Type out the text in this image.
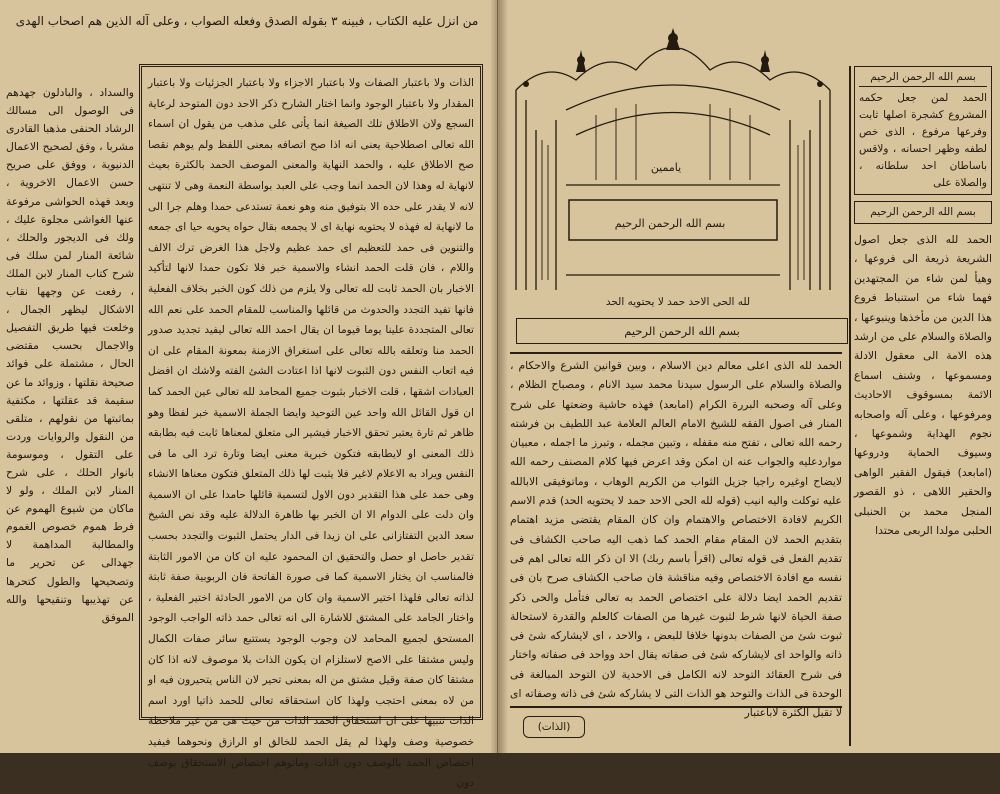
من انزل عليه الكتاب ، فبينه ٣ بقوله الصدق وفعله الصواب ، وعلى آله الذين هم اصحاب الهدى
والسداد ، والبادلون جهدهم فى الوصول الى مسالك الرشاد الحنفى مذهبا القادرى مشربا ، وفق لصحيح الاعمال الدنيوية ، ووفق على صريح حسن الاعمال الاخروية ، وبعد فهذه الحواشى مرفوعة عنها الغواشى مجلوة عليك ، ولك فى الديجور والحلك ، شائعة المنار لمن سلك فى شرح كتاب المنار لابن الملك ، رفعت عن وجهها نقاب الاشكال ليظهر الجمال ، وخلعت فيها طريق التفصيل والاجمال بحسب مقتضى الحال ، مشتملة على فوائد صحيحة نقلتها ، وزوائد ما عن سقيمة قد عقلتها ، مكتفية بماثبتها من نقولهم ، متلقى من النقول والروايات وردت على التقول ، وموسومة بانوار الحلك ، على شرح المنار لابن الملك ، ولو لا ماكان من شيوع الهموم عن فرط هموم خصوص الغموم والمطالبة المداهمة لا جهدالى عن تحرير ما وتصحيحها والطول كتحرها عن تهذيبها وتنقيحها والله الموفق
الذات ولا باعتبار الصفات ولا باعتبار الاجزاء ولا باعتبار الجزئيات ولا باعتبار المقدار ولا باعتبار الوجود وانما اختار الشارح ذكر الاحد دون المتوحد لرعاية السجع ولان الاطلاق تلك الصيغة انما يأتى على مذهب من يقول ان اسماء الله تعالى اصطلاحية يعنى انه اذا صح اتصافه بمعنى اللفظ ولم يوهم نقصا صح الاطلاق عليه ، والحمد النهاية والمعنى الموصف الحمد بالكثرة بعيث لانهاية له وهذا لان الحمد انما وجب على العبد بواسطة النعمة وهى لا تنتهى لانه لا يقدر على حده الا بتوفيق منه وهو نعمة تستدعى حمدا وهلم جرا الى ما لانهاية له فهذه لا يحتويه نهاية اى لا يجمعه بقال حواه يحويه حيا اى جمعه والتنوين فى حمد للتعظيم اى حمد عظيم ولاجل هذا الغرض ترك الالف واللام ، فان قلت الحمد انشاء والاسمية خبر فلا تكون حمدا لانها لتأكيد الاخبار بان الحمد ثابت لله تعالى ولا يلزم من ذلك كون الخبر بخلاف الفعلية فانها تفيد التجدد والحدوث من قائلها والمناسب للمقام الحمد على نعم الله تعالى المتجددة علينا يوما فيوما ان يقال احمد الله تعالى ليفيد تجديد صدور الحمد منا وتعلقه بالله تعالى على استغراق الازمنة بمعونة المقام على ان فيه اتعاب النفس دون الثبوت لانها اذا اعتادت الشئ الفته ولاشك ان افضل العبادات اشقها ، قلت الاخبار بثبوت جميع المحامد لله تعالى عين الحمد كما ان قول القائل الله واحد عين التوحيد وايضا الجملة الاسمية خبر لفظا وهو ظاهر ثم تارة يعتبر تحقق الاخبار فيشير الى متعلق لمعناها ثابت فيه بطابقه ذلك المعنى او لايطابقه فتكون خبرية معنى ايضا وتارة ترد الى ما فى النفس ويراد به الاعلام لاغير فلا يثبت لها ذلك المتعلق فتكون معناها الانشاء وهى حمد على هذا التقدير دون الاول لتسمية قائلها حامدا على ان الاسمية وان دلت على الدوام الا ان الخبر بها ظاهرة الدلالة عليه وقد نص الشيخ سعد الدين التفتازانى على ان زيدا فى الدار يحتمل الثبوت والتجدد بحسب تقدير حاصل او حصل والتحقيق ان المحمود عليه ان كان من الامور الثابتة فالمناسب ان يختار الاسمية كما فى صورة الفاتحة فان الربوبية صفة ثابتة لذاته تعالى فلهذا اختير الاسمية وان كان من الامور الحادثة اختير الفعلية ، واختار الجامد على المشتق للاشارة الى انه تعالى حمد ذاته الواجب الوجود المستحق لجميع المحامد لان وجوب الوجود يستتبع سائر صفات الكمال وليس مشتقا على الاصح لاستلزام ان يكون الذات بلا موصوف لانه اذا كان مشتقا كان صفة وقيل مشتق من اله بمعنى تحير لان الناس يتحيرون فيه او من لاه بمعنى احتجب ولهذا كان استحقاقه تعالى للحمد ذاتيا اورد اسم الذات تنبيها على ان استحقاق الحمد الذات من حيث هى من غير ملاحظة خصوصية وصف ولهذا لم يقل الحمد للخالق او الرازق ونحوهما فيفيد اختصاص الحمد بالوصف دون الذات وماتوهم اختصاص الاستحقاق بوصف دون
ياممين
بسم الله الرحمن الرحيم
لله الحى الاحد حمد لا يحتويه الحد
بسم الله الرحمن الرحيم
الحمد لله الذى اعلى معالم دين الاسلام ، وبين قوانين الشرع والاحكام ، والصلاة والسلام على الرسول سيدنا محمد سيد الانام ، ومصباح الظلام ، وعلى آله وصحبه البررة الكرام (امابعد) فهذه حاشية وضعتها على شرح المنار فى اصول الفقه للشيخ الامام العالم العلامة عبد اللطيف بن فرشته رحمه الله تعالى ، تفتح منه مقفله ، وتبين مجمله ، وتبرز ما اجمله ، معبيان مواردعليه والجواب عنه ان امكن وقد اعرض فيها كلام المصنف رحمه الله لايضاح اوغيره راجيا جزيل الثواب من الكريم الوهاب ، وماتوفيقى الابالله عليه توكلت واليه انيب (قوله لله الحى الاحد حمد لا يحتويه الحد) قدم الاسم الكريم لافادة الاختصاص والاهتمام وان كان المقام يقتضى مزيد اهتمام بتقديم الحمد لان المقام مقام الحمد كما ذهب اليه صاحب الكشاف فى تقديم الفعل فى قوله تعالى (اقرأ باسم ربك) الا ان ذكر الله تعالى اهم فى نفسه مع افادة الاختصاص وفيه مناقشة فان صاحب الكشاف صرح بان فى تقديم الحمد ايضا دلالة على اختصاص الحمد به تعالى فتأمل والحى ذكر صفة الحياة لانها شرط لثبوت غيرها من الصفات كالعلم والقدرة لاستحالة ثبوت شئ من الصفات بدونها خلافا للبعض ، والاحد ، اى لايشاركه شئ فى ذاته والواحد اى لايشاركه شئ فى صفاته يقال احد وواحد فى صفاته واختار فى شرح العقائد التوحد لانه الكامل فى الاحدية لان التوحد المبالغة فى الوحدة فى الذات والتوحد هو الذات التى لا يشاركه شئ فى ذاته وصفاته اى لا تقبل الكثرة لاباعتبار
(الذات)
بسم الله الرحمن الرحيم
الحمد لمن جعل حكمه المشروع كشجرة اصلها ثابت وفرعها مرفوع ، الذى خص لطفه وظهر احسانه ، ولاقس باساطان احد سلطانه ، والصلاة على
بسم الله الرحمن الرحيم
الحمد لله الذى جعل اصول الشريعة ذريعة الى فروعها ، وهيأ لمن شاء من المجتهدين فهما شاء من استنباط فروع هذا الدين من مأخذها وينبوعها ، والصلاة والسلام على من ارشد هذه الامة الى معقول الادلة ومسموعها ، وشنف اسماع الائمة بمسوقوف الاحاديث ومرفوعها ، وعلى آله واصحابه نجوم الهداية وشموعها ، وسيوف الحماية ودروعها (امابعد) فيقول الفقير الواهى والحقير اللاهى ، ذو القصور المنجل محمد بن الحنبلى الحلبى مولدا الربعى محتدا
